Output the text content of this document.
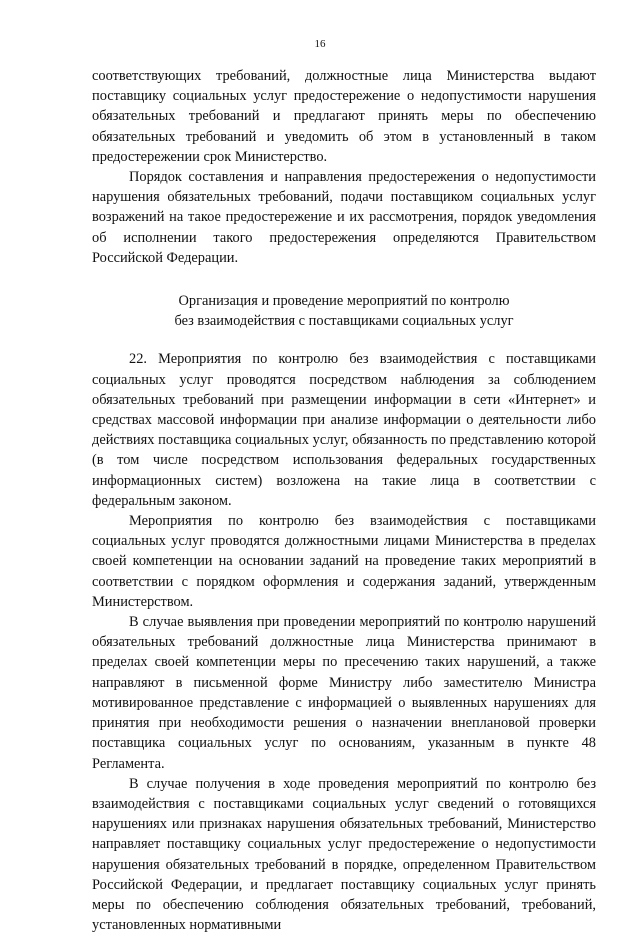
16

соответствующих требований, должностные лица Министерства выдают поставщику социальных услуг предостережение о недопустимости нарушения обязательных требований и предлагают принять меры по обеспечению обязательных требований и уведомить об этом в установленный в таком предостережении срок Министерство.

Порядок составления и направления предостережения о недопустимости нарушения обязательных требований, подачи поставщиком социальных услуг возражений на такое предостережение и их рассмотрения, порядок уведомления об исполнении такого предостережения определяются Правительством Российской Федерации.

Организация и проведение мероприятий по контролю
без взаимодействия с поставщиками социальных услуг

22. Мероприятия по контролю без взаимодействия с поставщиками социальных услуг проводятся посредством наблюдения за соблюдением обязательных требований при размещении информации в сети «Интернет» и средствах массовой информации при анализе информации о деятельности либо действиях поставщика социальных услуг, обязанность по представлению которой (в том числе посредством использования федеральных государственных информационных систем) возложена на такие лица в соответствии с федеральным законом.

Мероприятия по контролю без взаимодействия с поставщиками социальных услуг проводятся должностными лицами Министерства в пределах своей компетенции на основании заданий на проведение таких мероприятий в соответствии с порядком оформления и содержания заданий, утвержденным Министерством.

В случае выявления при проведении мероприятий по контролю нарушений обязательных требований должностные лица Министерства принимают в пределах своей компетенции меры по пресечению таких нарушений, а также направляют в письменной форме Министру либо заместителю Министра мотивированное представление с информацией о выявленных нарушениях для принятия при необходимости решения о назначении внеплановой проверки поставщика социальных услуг по основаниям, указанным в пункте 48 Регламента.

В случае получения в ходе проведения мероприятий по контролю без взаимодействия с поставщиками социальных услуг сведений о готовящихся нарушениях или признаках нарушения обязательных требований, Министерство направляет поставщику социальных услуг предостережение о недопустимости нарушения обязательных требований в порядке, определенном Правительством Российской Федерации, и предлагает поставщику социальных услуг принять меры по обеспечению соблюдения обязательных требований, требований, установленных нормативными
